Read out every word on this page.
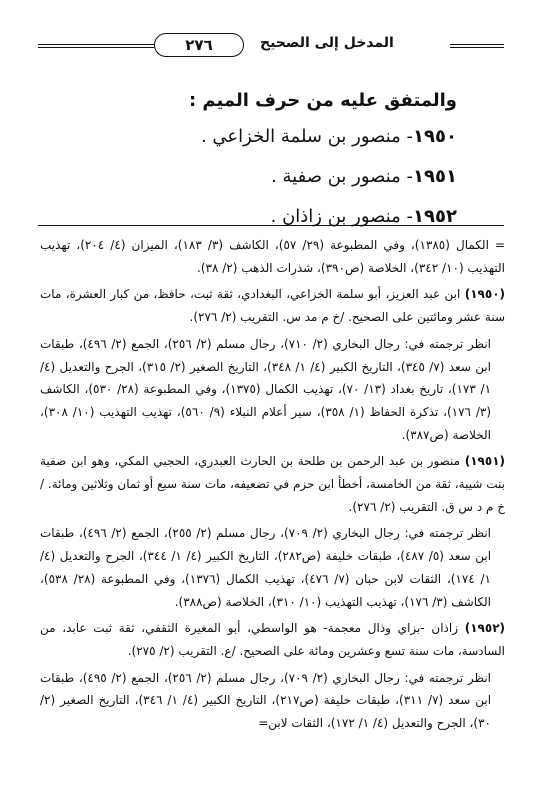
٢٧٦	المدخل إلى الصحيح
والمتفق عليه من حرف الميم :
١٩٥٠- منصور بن سلمة الخزاعي .
١٩٥١- منصور بن صفية .
١٩٥٢- منصور بن زاذان .

= الكمال (١٣٨٥)، وفي المطبوعة (٢٩/ ٥٧)، الكاشف (٣/ ١٨٣)، الميزان (٤/ ٢٠٤)، تهذيب التهذيب (١٠/ ٣٤٢)، الخلاصة (ص٣٩٠)، شذرات الذهب (٢/ ٣٨).

(١٩٥٠) ابن عبد العزيز، أبو سلمة الخزاعي، البغدادي، ثقة ثبت، حافظ، من كبار العشرة، مات سنة عشر ومائتين على الصحيح. /خ م مد س. التقريب (٢/ ٢٧٦).

انظر ترجمته في: رجال البخاري (٢/ ٧١٠)، رجال مسلم (٢/ ٢٥٦)، الجمع (٢/ ٤٩٦)، طبقات ابن سعد (٧/ ٣٤٥)، التاريخ الكبير (٤/ ١/ ٣٤٨)، التاريخ الصغير (٢/ ٣١٥)، الجرح والتعديل (٤/ ١/ ١٧٣)، تاريخ بغداد (١٣/ ٧٠)، تهذيب الكمال (١٣٧٥)، وفي المطبوعة (٢٨/ ٥٣٠)، الكاشف (٣/ ١٧٦)، تذكرة الحفاظ (١/ ٣٥٨)، سير أعلام النبلاء (٩/ ٥٦٠)، تهذيب التهذيب (١٠/ ٣٠٨)، الخلاصة (ص٣٨٧).

(١٩٥١) منصور بن عبد الرحمن بن طلحة بن الحارث العبدري، الحجبي المكي، وهو ابن صفية بنت شيبة، ثقة من الخامسة، أخطأ ابن حزم في تضعيفه، مات سنة سبع أو ثمان وثلاثين ومائة. / خ م د س ق. التقريب (٢/ ٢٧٦).

انظر ترجمته في: رجال البخاري (٢/ ٧٠٩)، رجال مسلم (٢/ ٢٥٥)، الجمع (٢/ ٤٩٦)، طبقات ابن سعد (٥/ ٤٨٧)، طبقات خليفة (ص٢٨٢)، التاريخ الكبير (٤/ ١/ ٣٤٤)، الجرح والتعديل (٤/ ١/ ١٧٤)، الثقات لابن حبان (٧/ ٤٧٦)، تهذيب الكمال (١٣٧٦)، وفي المطبوعة (٢٨/ ٥٣٨)، الكاشف (٣/ ١٧٦)، تهذيب التهذيب (١٠/ ٣١٠)، الخلاصة (ص٣٨٨).

(١٩٥٢) زاذان -بزاي وذال معجمة- هو الواسطي، أبو المغيرة الثقفي، ثقة ثبت عابد، من السادسة، مات سنة تسع وعشرين ومائة على الصحيح. /ع. التقريب (٢/ ٢٧٥).

انظر ترجمته في: رجال البخاري (٢/ ٧٠٩)، رجال مسلم (٢/ ٢٥٦)، الجمع (٢/ ٤٩٥)، طبقات ابن سعد (٧/ ٣١١)، طبقات خليفة (ص٢١٧)، التاريخ الكبير (٤/ ١/ ٣٤٦)، التاريخ الصغير (٢/ ٣٠)، الجرح والتعديل (٤/ ١/ ١٧٢)، الثقات لابن=
